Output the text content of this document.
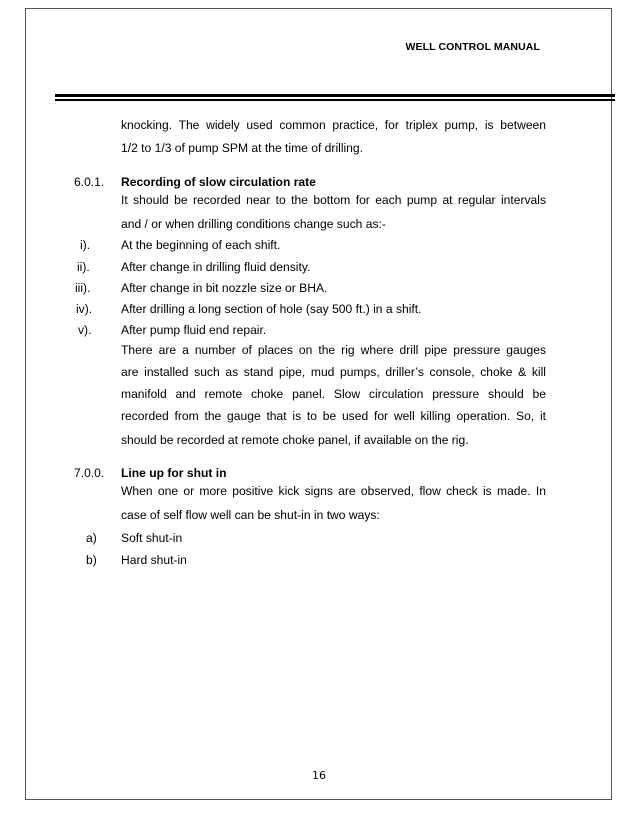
WELL CONTROL MANUAL
knocking. The widely used common practice, for triplex pump, is between
1/2 to 1/3 of pump SPM at the time of drilling.
6.0.1. Recording of slow circulation rate
It should be recorded near to the bottom for each pump at regular intervals
and / or when drilling conditions change such as:-
i).	At the beginning of each shift.
ii).	After change in drilling fluid density.
iii).	After change in bit nozzle size or BHA.
iv). After drilling a long section of hole (say 500 ft.) in a shift.
v). After pump fluid end repair.
There are a number of places on the rig where drill pipe pressure gauges
are installed such as stand pipe, mud pumps, driller’s console, choke & kill
manifold and remote choke panel. Slow circulation pressure should be
recorded from the gauge that is to be used for well killing operation. So, it
should be recorded at remote choke panel, if available on the rig.
7.0.0. Line up for shut in
When one or more positive kick signs are observed, flow check is made. In
case of self flow well can be shut-in in two ways:
a) Soft shut-in
b) Hard shut-in
16
